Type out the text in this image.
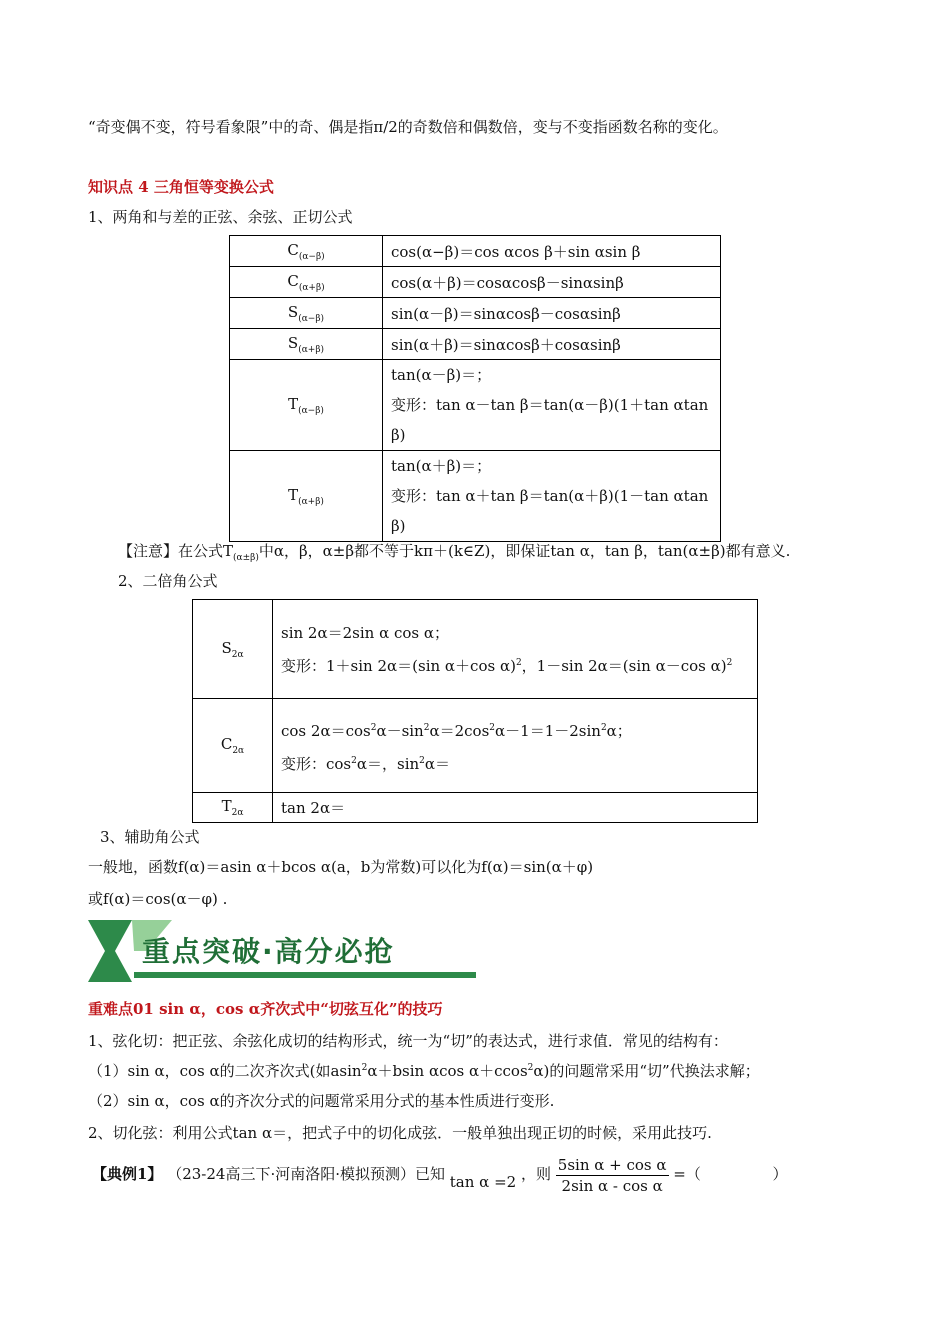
“奇变偶不变，符号看象限”中的奇、偶是指π/2的奇数倍和偶数倍，变与不变指函数名称的变化。
知识点 4 三角恒等变换公式
1、两角和与差的正弦、余弦、正切公式
$C_{(\alpha-\beta)}$	cos(α−β)＝cos αcos β＋sin αsin β
$C_{(\alpha+\beta)}$	cos(α＋β)＝cosαcosβ－sinαsinβ
$S_{(\alpha-\beta)}$	sin(α－β)＝sinαcosβ－cosαsinβ
$S_{(\alpha+\beta)}$	sin(α＋β)＝sinαcosβ＋cosαsinβ
$T_{(\alpha-\beta)}$	tan(α－β)＝；
变形：tan α－tan β＝tan(α－β)(1＋tan αtan β)

$T_{(\alpha+\beta)}$	tan(α＋β)＝；
变形：tan α＋tan β＝tan(α＋β)(1－tan αtan β)
【注意】在公式$T_{(\alpha\pm\beta)}$中α，β，α±β都不等于kπ＋(k∈Z)，即保证tan α，tan β，tan(α±β)都有意义.
2、二倍角公式
$S_{2\alpha}$	sin 2α＝2sin α cos α；
变形：1＋sin 2α＝(sin α＋cos α)$^2$，1－sin 2α＝(sin α－cos α)$^2$

$C_{2\alpha}$	$\cos 2\alpha=\cos^2\alpha-\sin^2\alpha=2\cos^2\alpha-1=1-2\sin^2\alpha$；
变形：$\cos^2\alpha=$，$\sin^2\alpha=$

$T_{2\alpha}$	tan 2α＝
3、辅助角公式
一般地，函数f(α)＝asin α＋bcos α(a，b为常数)可以化为f(α)＝sin(α＋φ)
或f(α)＝cos(α－φ) .
重点突破·高分必抢
重难点01 sin α，cos α齐次式中“切弦互化”的技巧
1、弦化切：把正弦、余弦化成切的结构形式，统一为“切”的表达式，进行求值．常见的结构有：
（1）sin α，cos α的二次齐次式(如asin$^2$α＋bsin αcos α＋ccos$^2$α)的问题常采用“切”代换法求解；
（2）sin α，cos α的齐次分式的问题常采用分式的基本性质进行变形.
2、切化弦：利用公式tan α＝，把式子中的切化成弦．一般单独出现正切的时候，采用此技巧.
【典例1】 （23-24高三下·河南洛阳·模拟预测）已知 tan α =2 ，则 $\frac{\text{5sin α + cos α}}{\text{2sin α - cos α}}$ =（	）
